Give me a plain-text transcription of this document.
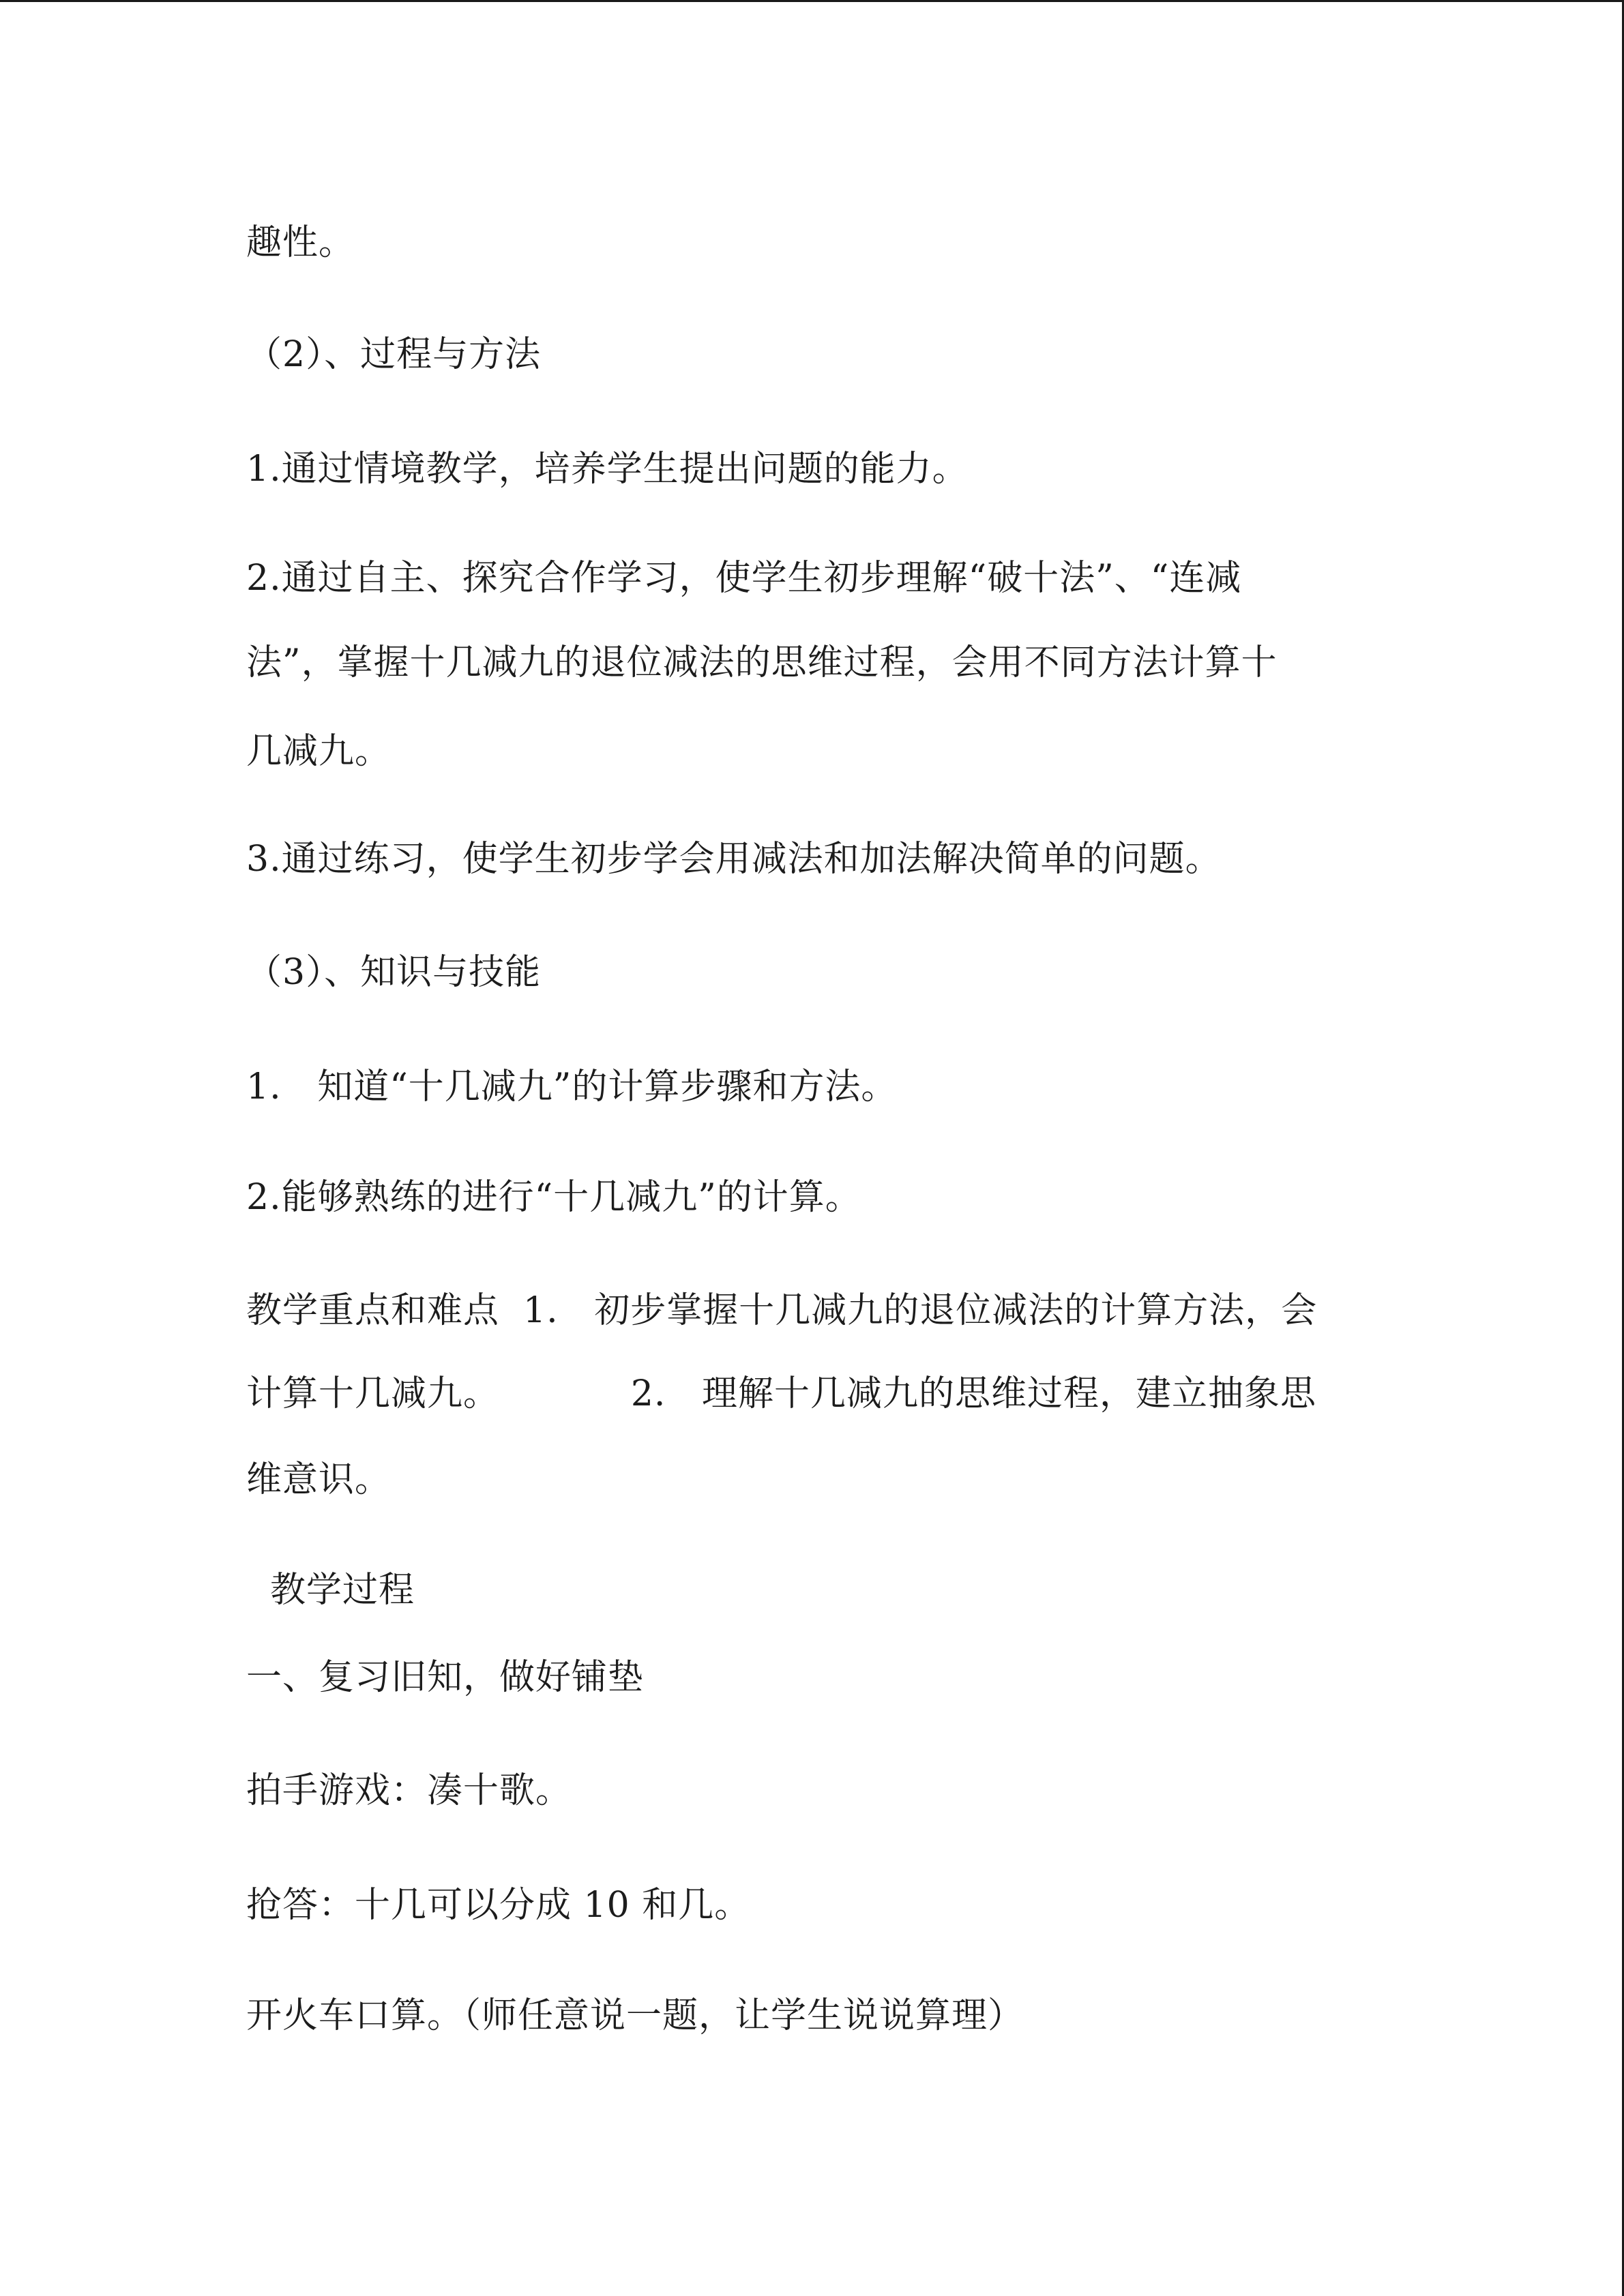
趣性。

（2）、过程与方法

1.通过情境教学，培养学生提出问题的能力。

2.通过自主、探究合作学习，使学生初步理解“破十法”、“连减

法”，掌握十几减九的退位减法的思维过程，会用不同方法计算十

几减九。

3.通过练习，使学生初步学会用减法和加法解决简单的问题。

（3）、知识与技能

1.   知道“十几减九”的计算步骤和方法。

2.能够熟练的进行“十几减九”的计算。

教学重点和难点  1.   初步掌握十几减九的退位减法的计算方法，会

计算十几减九。           2.   理解十几减九的思维过程，建立抽象思

维意识。

教学过程

一、复习旧知，做好铺垫

拍手游戏：凑十歌。

抢答：十几可以分成 10 和几。

开火车口算。（师任意说一题，让学生说说算理）
